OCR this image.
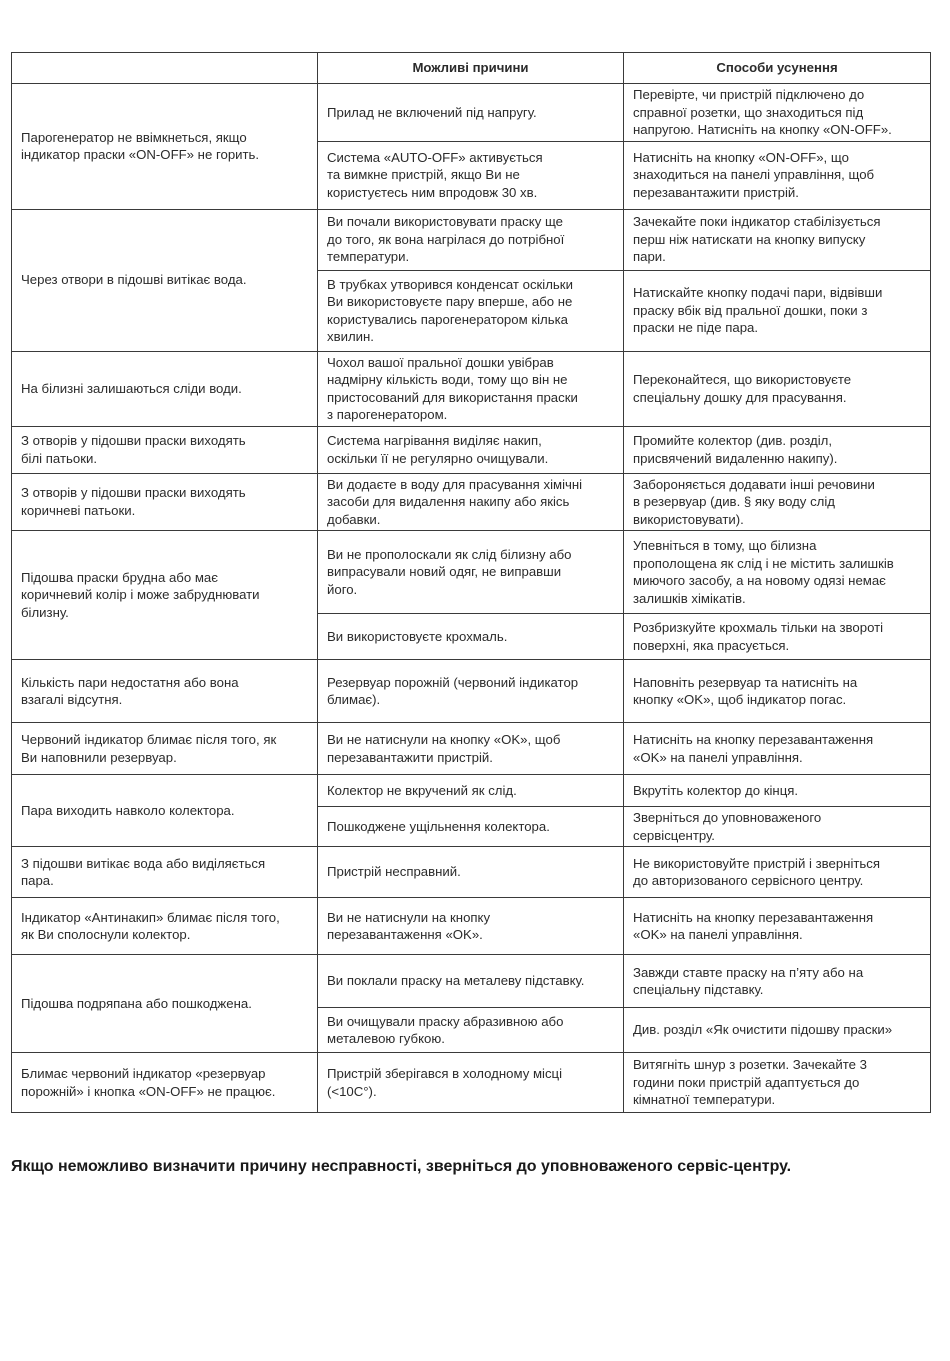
	Можливі причини	Способи усунення
Парогенератор не ввімкнеться, якщо
індикатор праски «ON-OFF» не горить.	Прилад не включений під напругу.	Перевірте, чи пристрій підключено до
справної розетки, що знаходиться під
напругою. Натисніть на кнопку «ON-OFF».
	Система «AUTO-OFF» активується
та вимкне пристрій, якщо Ви не
користуєтесь ним впродовж 30 хв.	Натисніть на кнопку «ON-OFF», що
знаходиться на панелі управління, щоб
перезавантажити пристрій.
Через отвори в підошві витікає вода.	Ви почали використовувати праску ще
до того, як вона нагрілася до потрібної
температури.	Зачекайте поки індикатор стабілізується
перш ніж натискати на кнопку випуску
пари.
	В трубках утворився конденсат оскільки
Ви використовуєте пару вперше, або не
користувались парогенератором кілька
хвилин.	Натискайте кнопку подачі пари, відвівши
праску вбік від пральної дошки, поки з
праски не піде пара.
На білизні залишаються сліди води.	Чохол вашої пральної дошки увібрав
надмірну кількість води, тому що він не
пристосований для використання праски
з парогенератором.	Переконайтеся, що використовуєте
спеціальну дошку для прасування.
З отворів у підошви праски виходять
білі патьоки.	Система нагрівання виділяє накип,
оскільки її не регулярно очищували.	Промийте колектор (див. розділ,
присвячений видаленню накипу).
З отворів у підошви праски виходять
коричневі патьоки.	Ви додаєте в воду для прасування хімічні
засоби для видалення накипу або якісь
добавки.	Забороняється додавати інші речовини
в резервуар (див. § яку воду слід
використовувати).
Підошва праски брудна або має
коричневий колір і може забруднювати
білизну.	Ви не прополоскали як слід білизну або
випрасували новий одяг, не виправши
його.	Упевніться в тому, що білизна
прополощена як слід і не містить залишків
миючого засобу, а на новому одязі немає
залишків хімікатів.
	Ви використовуєте крохмаль.	Розбризкуйте крохмаль тільки на звороті
поверхні, яка прасується.
Кількість пари недостатня або вона
взагалі відсутня.	Резервуар порожній (червоний індикатор
блимає).	Наповніть резервуар та натисніть на
кнопку «OK», щоб індикатор погас.
Червоний індикатор блимає після того, як
Ви наповнили резервуар.	Ви не натиснули на кнопку «OK», щоб
перезавантажити пристрій.	Натисніть на кнопку перезавантаження
«OK» на панелі управління.
Пара виходить навколо колектора.	Колектор не вкручений як слід.	Вкрутіть колектор до кінця.
	Пошкоджене ущільнення колектора.	Зверніться до уповноваженого
сервісцентру.
З підошви витікає вода або виділяється
пара.	Пристрій несправний.	Не використовуйте пристрій і зверніться
до авторизованого сервісного центру.
Індикатор «Антинакип» блимає після того,
як Ви сполоснули колектор.	Ви не натиснули на кнопку
перезавантаження «OK».	Натисніть на кнопку перезавантаження
«OK» на панелі управління.
Підошва подряпана або пошкоджена.	Ви поклали праску на металеву підставку.	Завжди ставте праску на п’яту або на
спеціальну підставку.
	Ви очищували праску абразивною або
металевою губкою.	Див. розділ «Як очистити підошву праски»
Блимає червоний індикатор «резервуар
порожній» і кнопка «ON-OFF» не працює.	Пристрій зберігався в холодному місці
(<10C°).	Витягніть шнур з розетки. Зачекайте 3
години поки пристрій адаптується до
кімнатної температури.

Якщо неможливо визначити причину несправності, зверніться до уповноваженого сервіс-центру.
